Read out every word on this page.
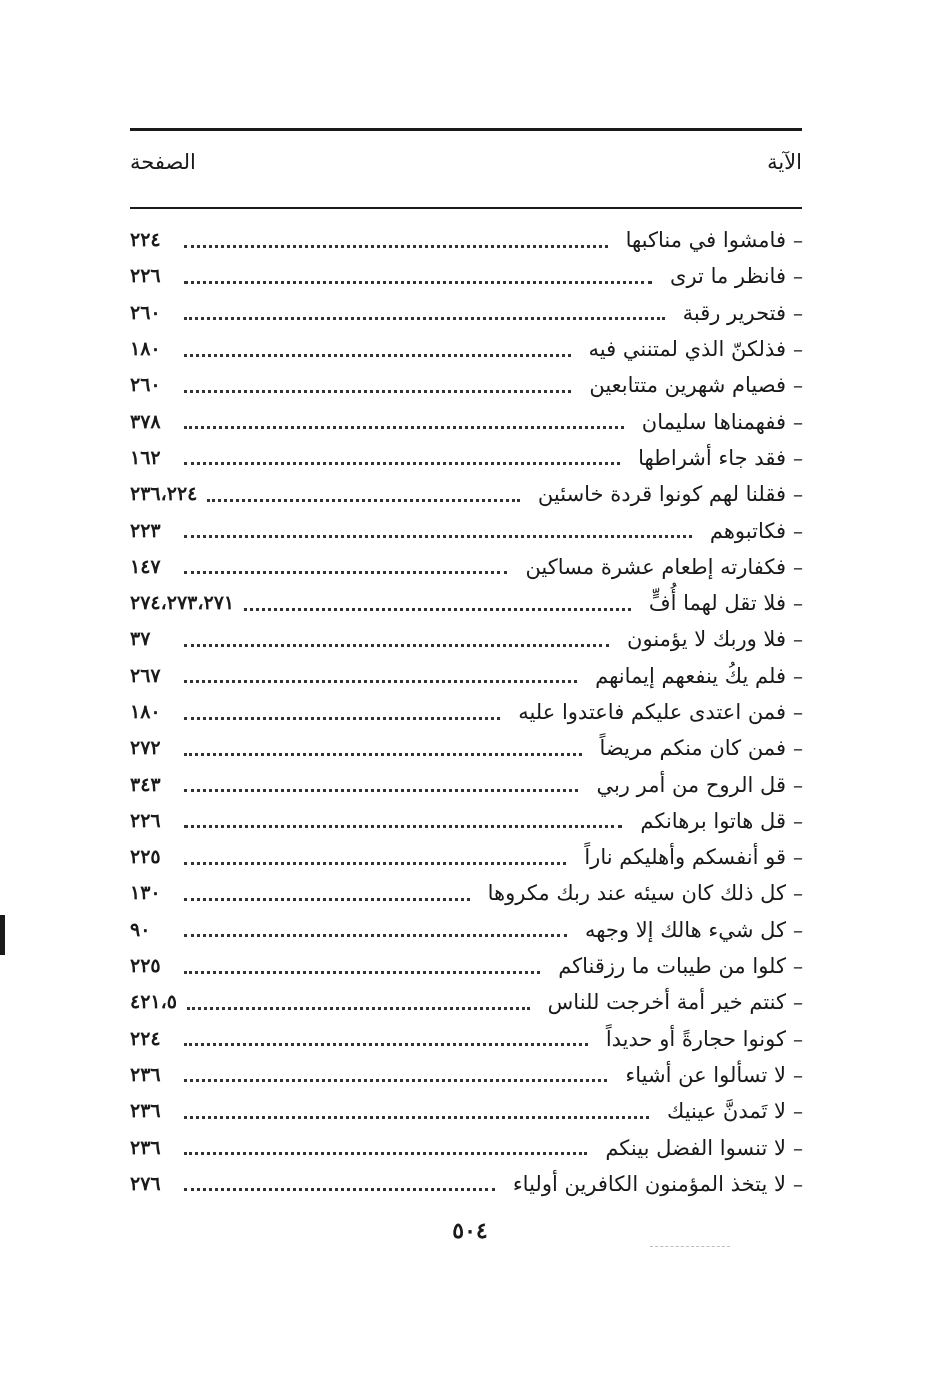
الآية
الصفحة
–
فامشوا في مناكبها
٢٢٤
–
فانظر ما ترى
٢٢٦
–
فتحرير رقبة
٢٦٠
–
فذلكنّ الذي لمتنني فيه
١٨٠
–
فصيام شهرين متتابعين
٢٦٠
–
ففهمناها سليمان
٣٧٨
–
فقد جاء أشراطها
١٦٢
–
فقلنا لهم كونوا قردة خاسئين
٢٣٦،٢٢٤
–
فكاتبوهم
٢٢٣
–
فكفارته إطعام عشرة مساكين
١٤٧
–
فلا تقل لهما أُفٍّ
٢٧٤،٢٧٣،٢٧١
–
فلا وربك لا يؤمنون
٣٧
–
فلم يكُ ينفعهم إيمانهم
٢٦٧
–
فمن اعتدى عليكم فاعتدوا عليه
١٨٠
–
فمن كان منكم مريضاً
٢٧٢
–
قل الروح من أمر ربي
٣٤٣
–
قل هاتوا برهانكم
٢٢٦
–
قو أنفسكم وأهليكم ناراً
٢٢٥
–
كل ذلك كان سيئه عند ربك مكروها
١٣٠
–
كل شيء هالك إلا وجهه
٩٠
–
كلوا من طيبات ما رزقناكم
٢٢٥
–
كنتم خير أمة أخرجت للناس
٤٢١،٥
–
كونوا حجارةً أو حديداً
٢٢٤
–
لا تسألوا عن أشياء
٢٣٦
–
لا تَمدنَّ عينيك
٢٣٦
–
لا تنسوا الفضل بينكم
٢٣٦
–
لا يتخذ المؤمنون الكافرين أولياء
٢٧٦
٥٠٤
